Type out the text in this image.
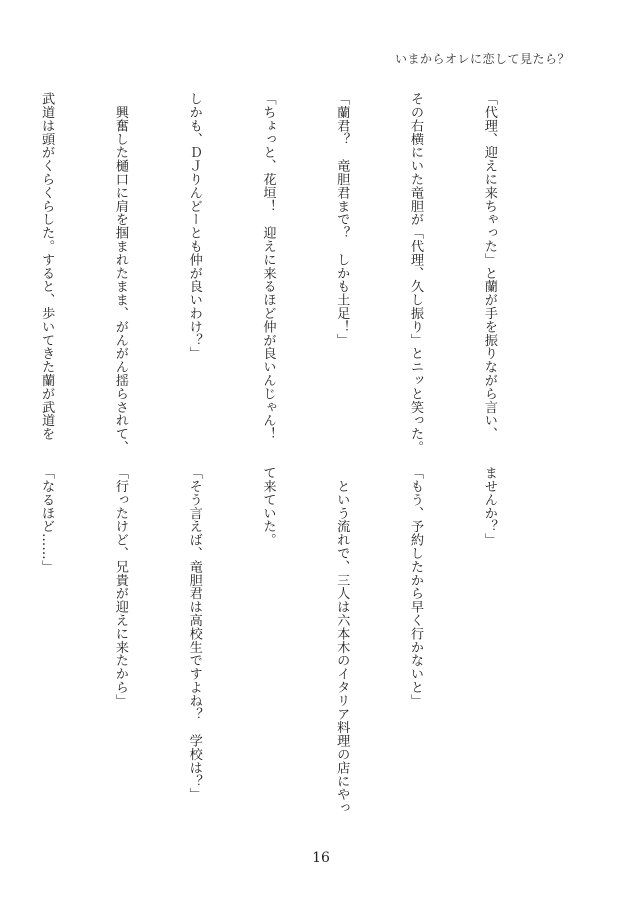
いまからオレに恋して見たら？

「代理、迎えに来ちゃった」と蘭が手を振りながら言い、

その右横にいた竜胆が「代理、久し振り」とニッと笑った。

「蘭君？　竜胆君まで？　しかも土足！」

「ちょっと、花垣！　迎えに来るほど仲が良いんじゃん！

しかも、ＤＪりんどーとも仲が良いわけ？」

　興奮した樋口に肩を掴まれたまま、がんがん揺らされて、

武道は頭がくらくらした。すると、歩いてきた蘭が武道を

ませんか？」

「もう、予約したから早く行かないと」

　という流れで、三人は六本木のイタリア料理の店にやっ

て来ていた。

「そう言えば、竜胆君は高校生ですよね？　学校は？」

「行ったけど、兄貴が迎えに来たから」

「なるほど……」

16
